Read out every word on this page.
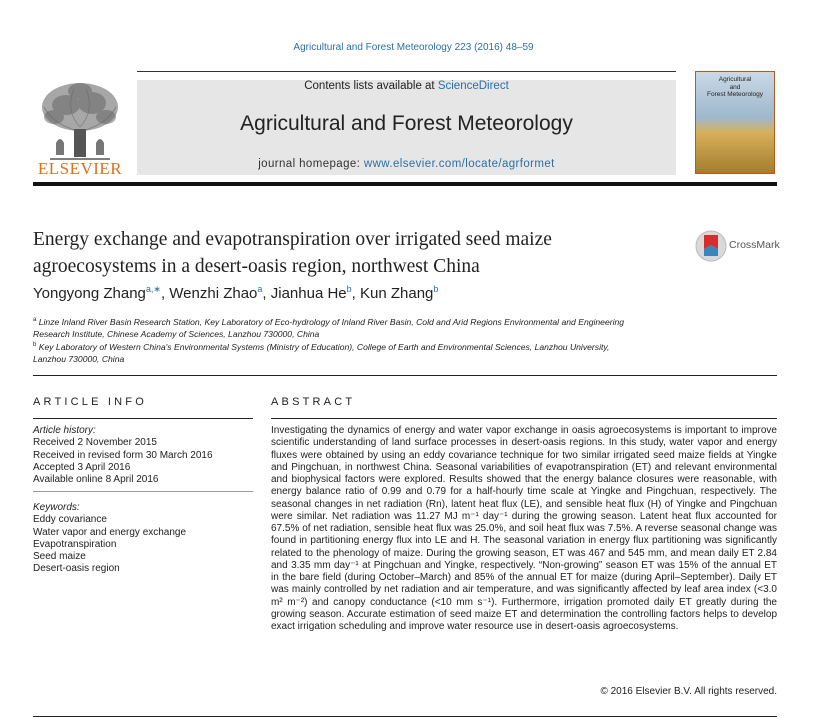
Agricultural and Forest Meteorology 223 (2016) 48–59
ELSEVIER
Contents lists available at ScienceDirect
Agricultural and Forest Meteorology
journal homepage: www.elsevier.com/locate/agrformet
Agricultural
and
Forest Meteorology
Energy exchange and evapotranspiration over irrigated seed maize
agroecosystems in a desert-oasis region, northwest China
CrossMark
Yongyong Zhang$^{a,∗}$, Wenzhi Zhao$^a$, Jianhua He$^b$, Kun Zhang$^b$
$^a$ Linze Inland River Basin Research Station, Key Laboratory of Eco-hydrology of Inland River Basin, Cold and Arid Regions Environmental and Engineering
Research Institute, Chinese Academy of Sciences, Lanzhou 730000, China
$^b$ Key Laboratory of Western China's Environmental Systems (Ministry of Education), College of Earth and Environmental Sciences, Lanzhou University,
Lanzhou 730000, China
ARTICLE INFO
Article history:
Received 2 November 2015
Received in revised form 30 March 2016
Accepted 3 April 2016
Available online 8 April 2016
Keywords:
Eddy covariance
Water vapor and energy exchange
Evapotranspiration
Seed maize
Desert-oasis region
ABSTRACT
Investigating the dynamics of energy and water vapor exchange in oasis agroecosystems is important to improve scientific understanding of land surface processes in desert-oasis regions. In this study, water vapor and energy fluxes were obtained by using an eddy covariance technique for two similar irrigated seed maize fields at Yingke and Pingchuan, in northwest China. Seasonal variabilities of evapotranspiration (ET) and relevant environmental and biophysical factors were explored. Results showed that the energy balance closures were reasonable, with energy balance ratio of 0.99 and 0.79 for a half-hourly time scale at Yingke and Pingchuan, respectively. The seasonal changes in net radiation (Rn), latent heat flux (LE), and sensible heat flux (H) of Yingke and Pingchuan were similar. Net radiation was 11.27 MJ m⁻¹ day⁻¹ during the growing season. Latent heat flux accounted for 67.5% of net radiation, sensible heat flux was 25.0%, and soil heat flux was 7.5%. A reverse seasonal change was found in partitioning energy flux into LE and H. The seasonal variation in energy flux partitioning was significantly related to the phenology of maize. During the growing season, ET was 467 and 545 mm, and mean daily ET 2.84 and 3.35 mm day⁻¹ at Pingchuan and Yingke, respectively. “Non-growing” season ET was 15% of the annual ET in the bare field (during October–March) and 85% of the annual ET for maize (during April–September). Daily ET was mainly controlled by net radiation and air temperature, and was significantly affected by leaf area index (<3.0 m² m⁻²) and canopy conductance (<10 mm s⁻¹). Furthermore, irrigation promoted daily ET greatly during the growing season. Accurate estimation of seed maize ET and determination the controlling factors helps to develop exact irrigation scheduling and improve water resource use in desert-oasis agroecosystems.
© 2016 Elsevier B.V. All rights reserved.
